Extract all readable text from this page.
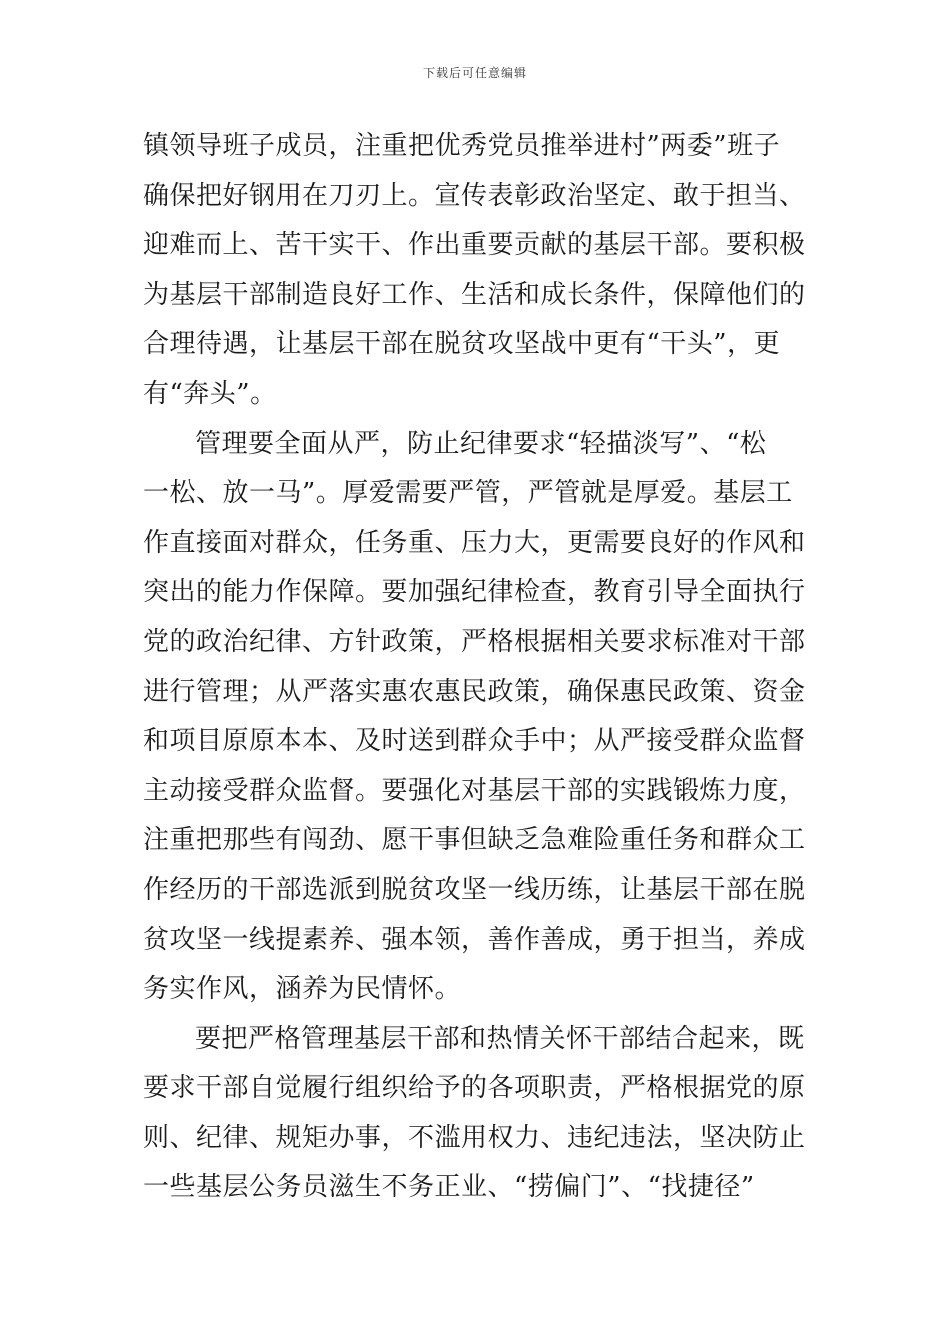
下载后可任意编辑
镇领导班子成员，注重把优秀党员推举进村”两委”班子
确保把好钢用在刀刃上。宣传表彰政治坚定、敢于担当、
迎难而上、苦干实干、作出重要贡献的基层干部。要积极
为基层干部制造良好工作、生活和成长条件，保障他们的
合理待遇，让基层干部在脱贫攻坚战中更有“干头”，更
有“奔头”。
管理要全面从严，防止纪律要求“轻描淡写”、“松
一松、放一马”。厚爱需要严管，严管就是厚爱。基层工
作直接面对群众，任务重、压力大，更需要良好的作风和
突出的能力作保障。要加强纪律检查，教育引导全面执行
党的政治纪律、方针政策，严格根据相关要求标准对干部
进行管理；从严落实惠农惠民政策，确保惠民政策、资金
和项目原原本本、及时送到群众手中；从严接受群众监督
主动接受群众监督。要强化对基层干部的实践锻炼力度，
注重把那些有闯劲、愿干事但缺乏急难险重任务和群众工
作经历的干部选派到脱贫攻坚一线历练，让基层干部在脱
贫攻坚一线提素养、强本领，善作善成，勇于担当，养成
务实作风，涵养为民情怀。
要把严格管理基层干部和热情关怀干部结合起来，既
要求干部自觉履行组织给予的各项职责，严格根据党的原
则、纪律、规矩办事，不滥用权力、违纪违法，坚决防止
一些基层公务员滋生不务正业、“捞偏门”、“找捷径”
